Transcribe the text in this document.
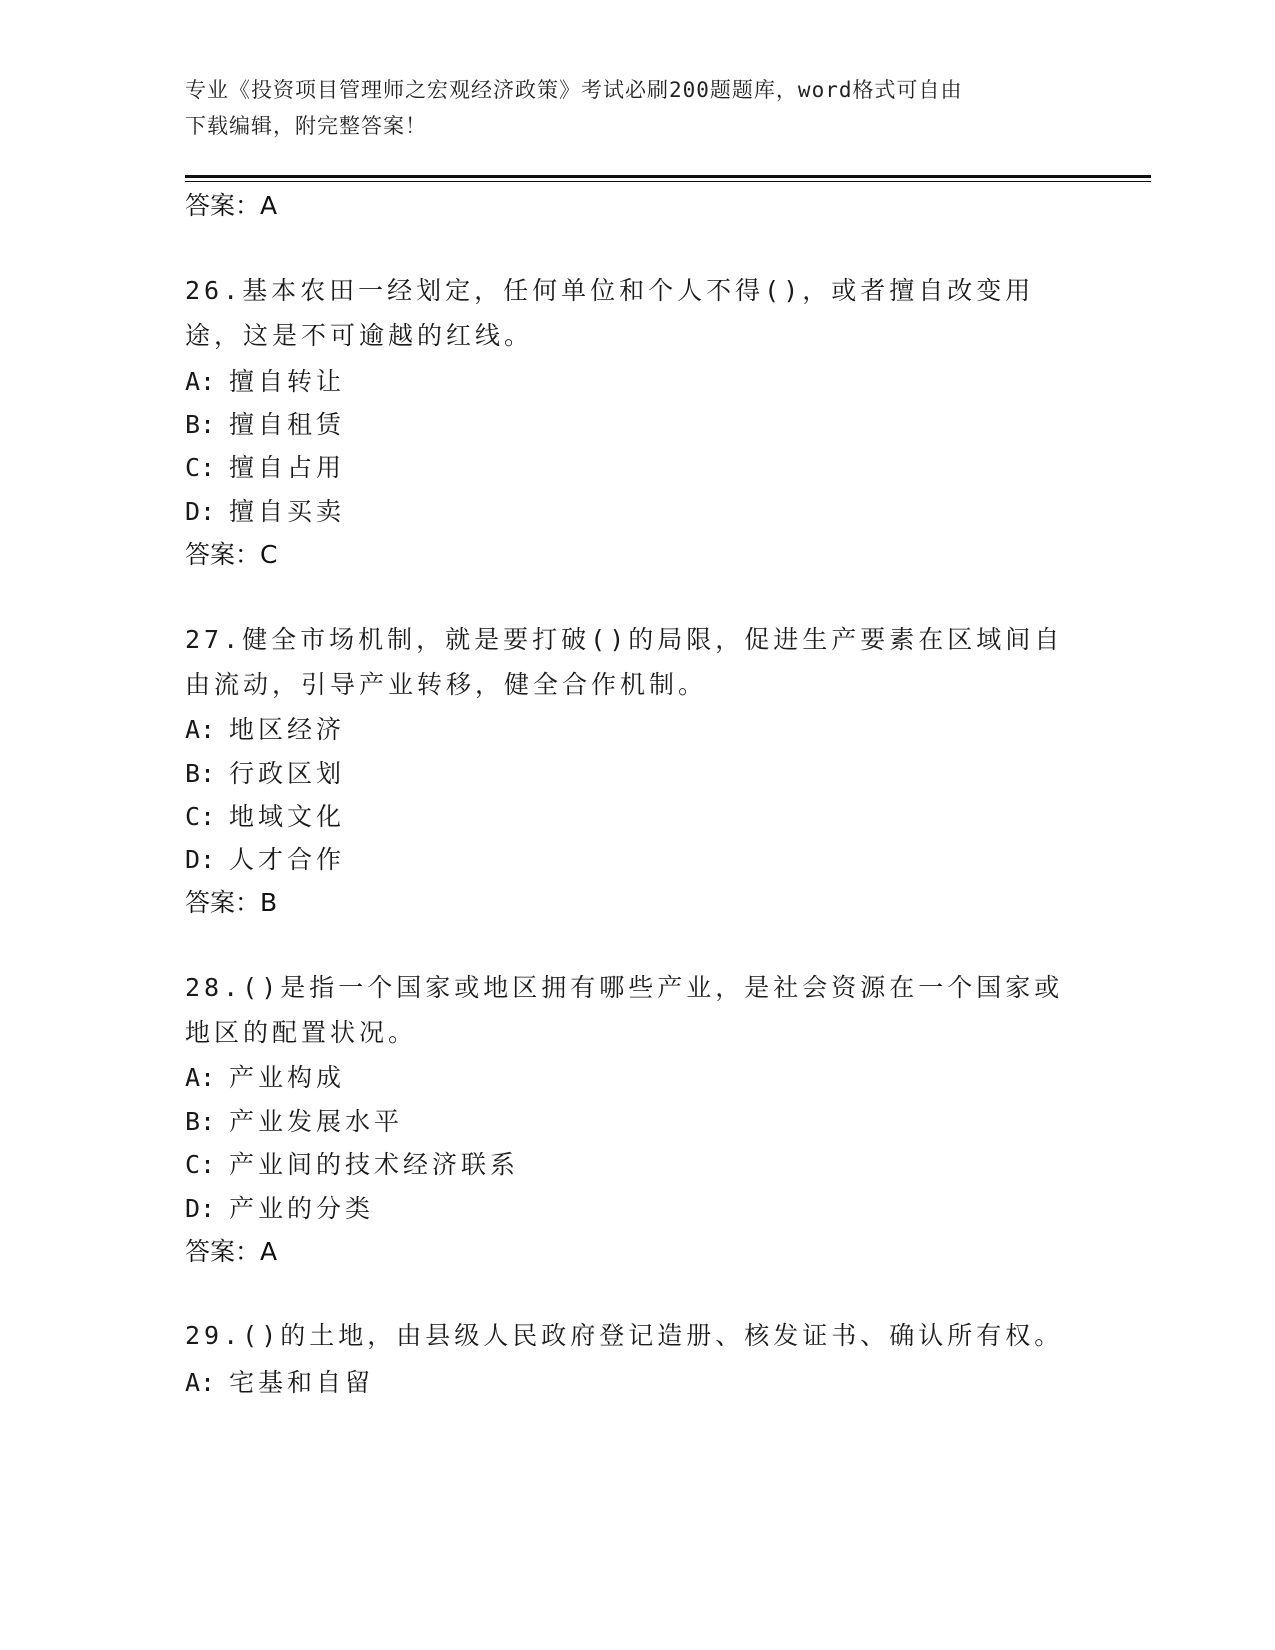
专业《投资项目管理师之宏观经济政策》考试必刷200题题库，word格式可自由
下载编辑，附完整答案！
答案：A
26.基本农田一经划定，任何单位和个人不得()，或者擅自改变用途，这是不可逾越的红线。
A: 擅自转让
B: 擅自租赁
C: 擅自占用
D: 擅自买卖
答案：C
27.健全市场机制，就是要打破()的局限，促进生产要素在区域间自由流动，引导产业转移，健全合作机制。
A: 地区经济
B: 行政区划
C: 地域文化
D: 人才合作
答案：B
28.()是指一个国家或地区拥有哪些产业，是社会资源在一个国家或地区的配置状况。
A: 产业构成
B: 产业发展水平
C: 产业间的技术经济联系
D: 产业的分类
答案：A
29.()的土地，由县级人民政府登记造册、核发证书、确认所有权。
A: 宅基和自留
